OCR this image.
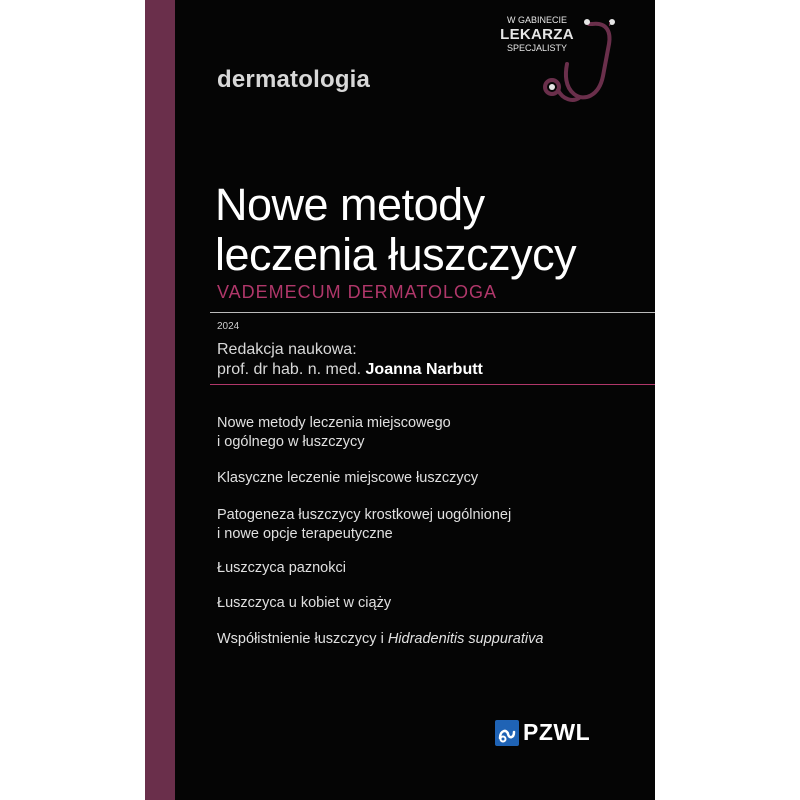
dermatologia
W GABINECIE
LEKARZA
SPECJALISTY
Nowe metody
leczenia łuszczycy
VADEMECUM DERMATOLOGA
2024
Redakcja naukowa:
prof. dr hab. n. med. Joanna Narbutt
Nowe metody leczenia miejscowego
i ogólnego w łuszczycy
Klasyczne leczenie miejscowe łuszczycy
Patogeneza łuszczycy krostkowej uogólnionej
i nowe opcje terapeutyczne
Łuszczyca paznokci
Łuszczyca u kobiet w ciąży
Współistnienie łuszczycy i Hidradenitis suppurativa
PZWL
